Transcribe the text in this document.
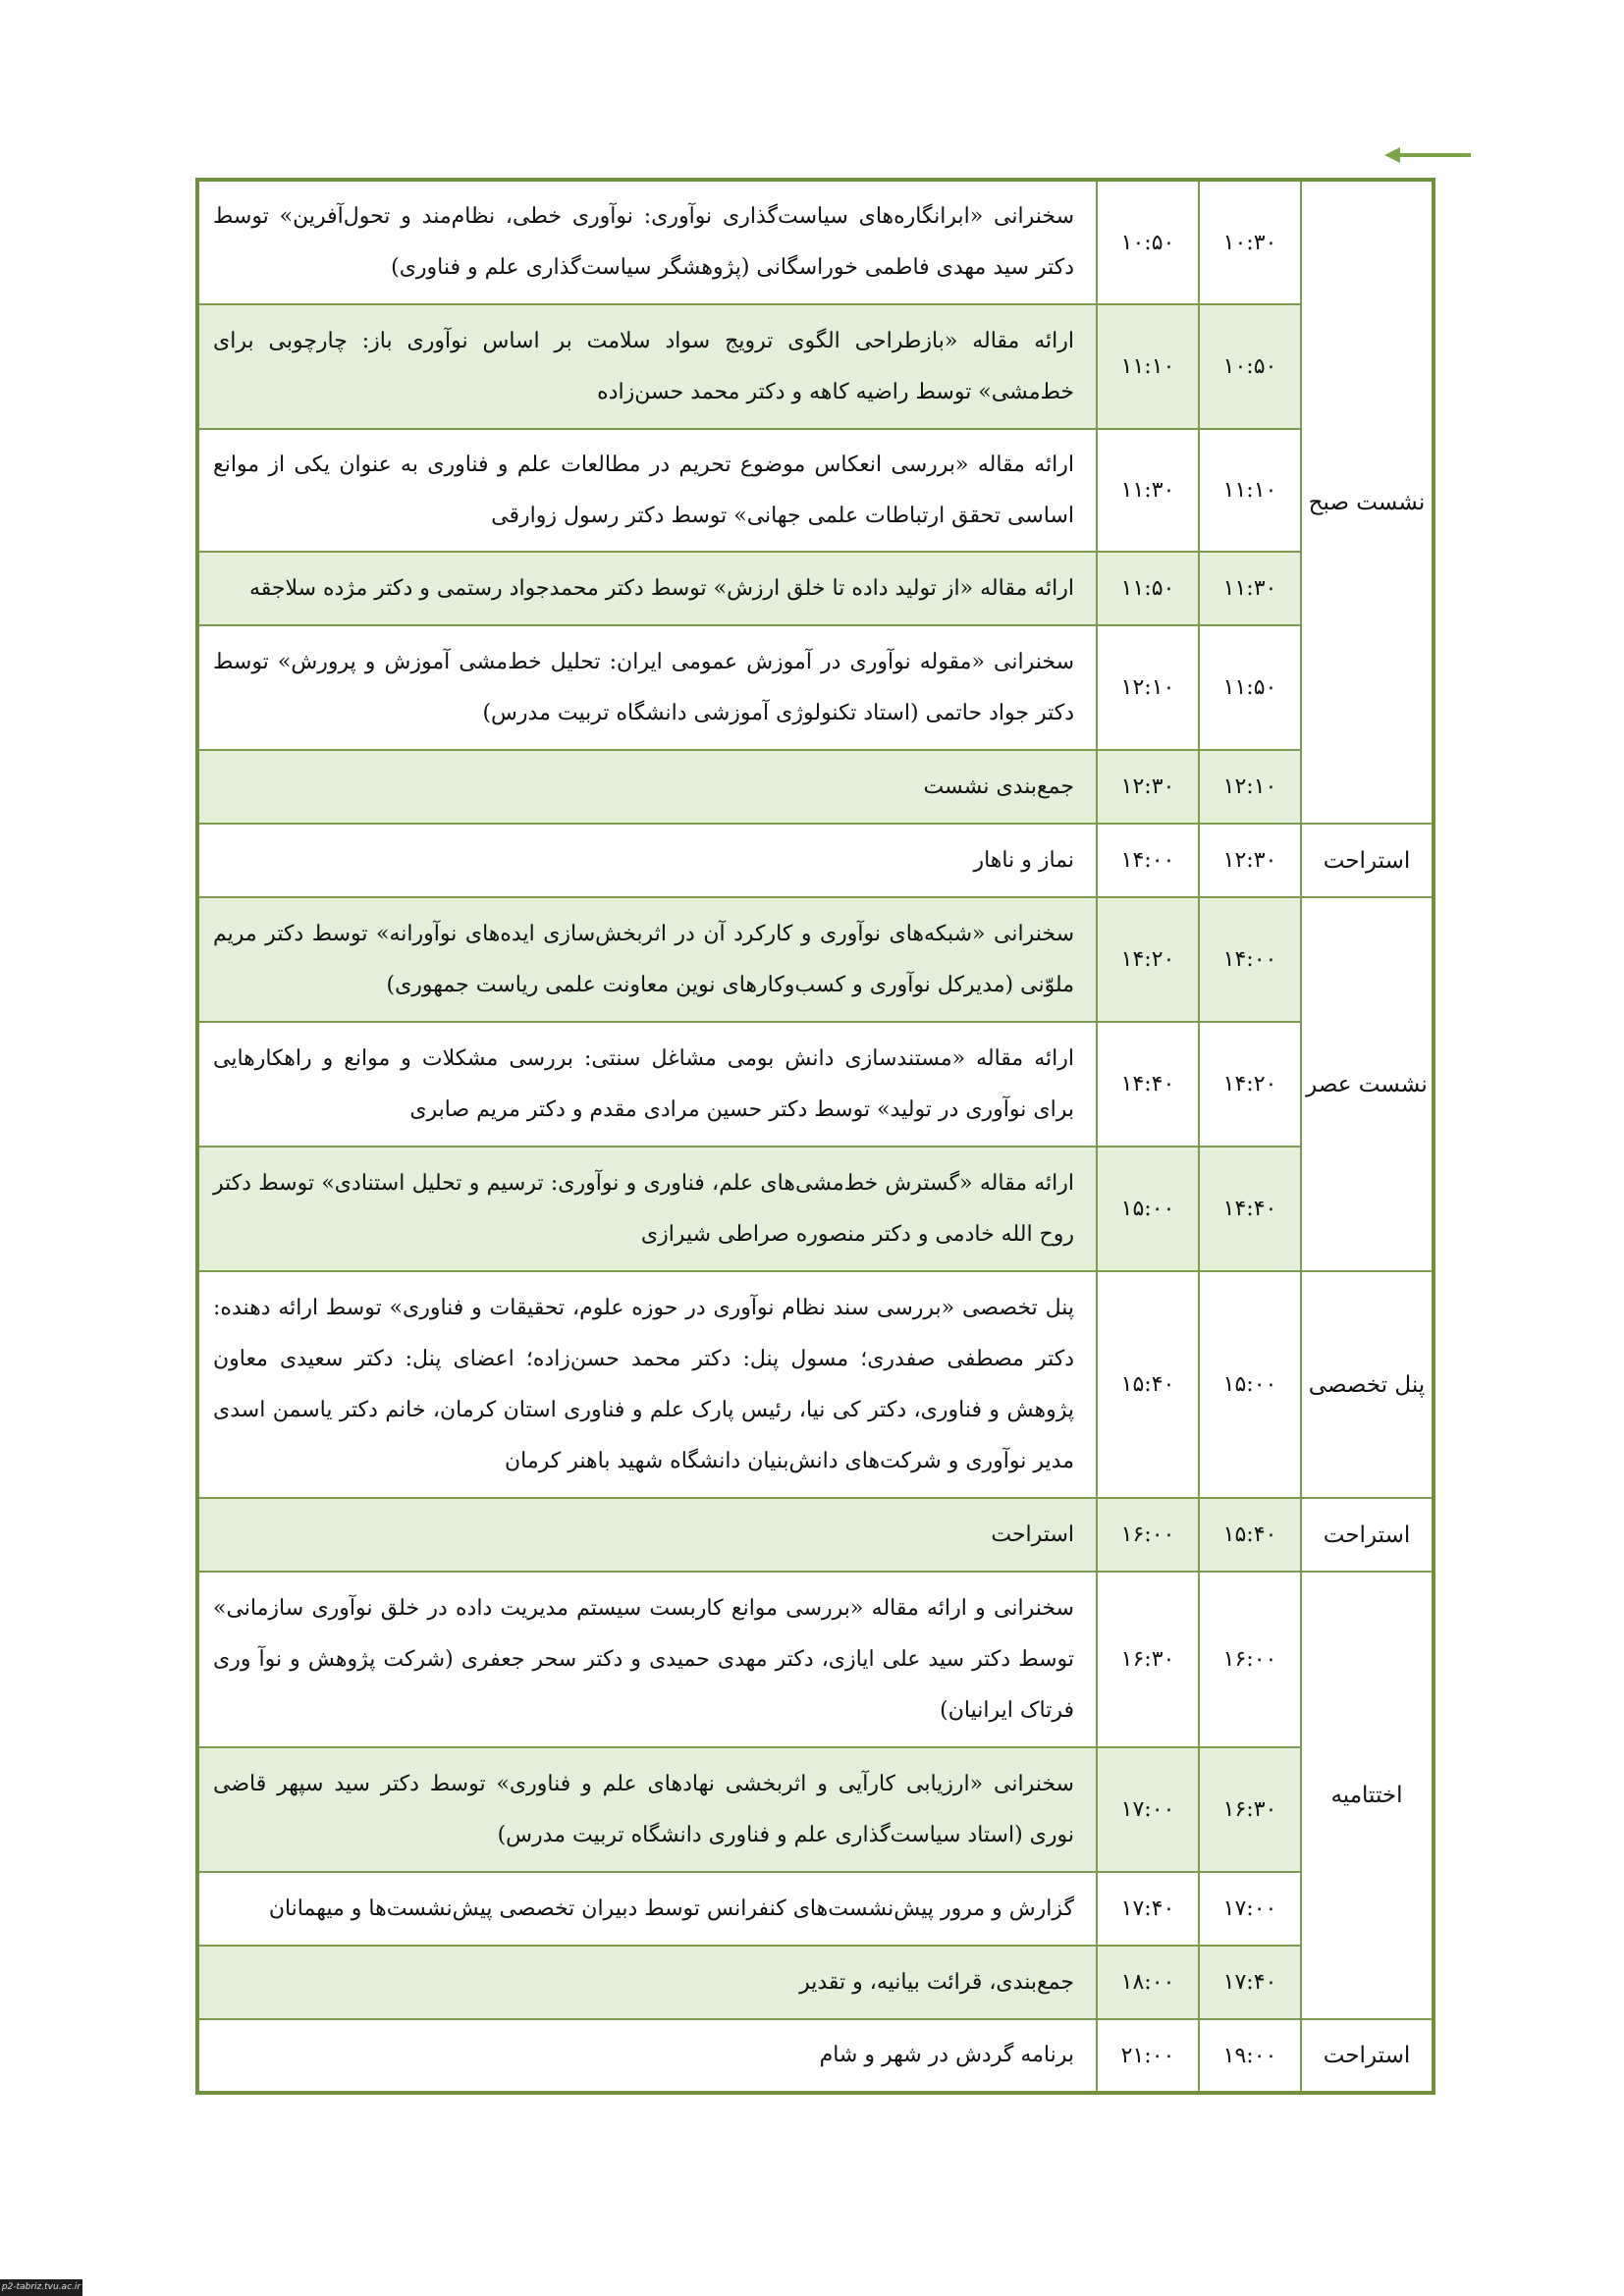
نشست صبح	۱۰:۳۰	۱۰:۵۰	سخنرانی «ابرانگاره‌های سیاست‌گذاری نوآوری: نوآوری خطی، نظام‌مند و تحول‌آفرین» توسط دکتر سید مهدی فاطمی خوراسگانی (پژوهشگر سیاست‌گذاری علم و فناوری)
	۱۰:۵۰	۱۱:۱۰	ارائه مقاله «بازطراحی الگوی ترویج سواد سلامت بر اساس نوآوری باز: چارچوبی برای خط‌مشی» توسط راضیه کاهه و دکتر محمد حسن‌زاده
	۱۱:۱۰	۱۱:۳۰	ارائه مقاله «بررسی انعکاس موضوع تحریم در مطالعات علم و فناوری به عنوان یکی از موانع اساسی تحقق ارتباطات علمی جهانی» توسط دکتر رسول زوارقی
	۱۱:۳۰	۱۱:۵۰	ارائه مقاله «از تولید داده تا خلق ارزش» توسط دکتر محمدجواد رستمی و دکتر مژده سلاجقه
	۱۱:۵۰	۱۲:۱۰	سخنرانی «مقوله نوآوری در آموزش عمومی ایران: تحلیل خط‌مشی آموزش و پرورش» توسط دکتر جواد حاتمی (استاد تکنولوژی آموزشی دانشگاه تربیت مدرس)
	۱۲:۱۰	۱۲:۳۰	جمع‌بندی نشست
استراحت	۱۲:۳۰	۱۴:۰۰	نماز و ناهار
نشست عصر	۱۴:۰۰	۱۴:۲۰	سخنرانی «شبکه‌های نوآوری و کارکرد آن در اثربخش‌سازی ایده‌های نوآورانه» توسط دکتر مریم ملوّنی (مدیرکل نوآوری و کسب‌وکارهای نوین معاونت علمی ریاست جمهوری)
	۱۴:۲۰	۱۴:۴۰	ارائه مقاله «مستندسازی دانش بومی مشاغل سنتی: بررسی مشکلات و موانع و راهکارهایی برای نوآوری در تولید» توسط دکتر حسین مرادی مقدم و دکتر مریم صابری
	۱۴:۴۰	۱۵:۰۰	ارائه مقاله «گسترش خط‌مشی‌های علم، فناوری و نوآوری: ترسیم و تحلیل استنادی» توسط دکتر روح الله خادمی و دکتر منصوره صراطی شیرازی
پنل تخصصی	۱۵:۰۰	۱۵:۴۰	پنل تخصصی «بررسی سند نظام نوآوری در حوزه علوم، تحقیقات و فناوری» توسط ارائه دهنده: دکتر مصطفی صفدری؛ مسول پنل: دکتر محمد حسن‌زاده؛ اعضای پنل: دکتر سعیدی معاون پژوهش و فناوری، دکتر کی نیا، رئیس پارک علم و فناوری استان کرمان، خانم دکتر یاسمن اسدی مدیر نوآوری و شرکت‌های دانش‌بنیان دانشگاه شهید باهنر کرمان
استراحت	۱۵:۴۰	۱۶:۰۰	استراحت
اختتامیه	۱۶:۰۰	۱۶:۳۰	سخنرانی و ارائه مقاله «بررسی موانع کاربست سیستم مدیریت داده در خلق نوآوری سازمانی» توسط دکتر سید علی ایازی، دکتر مهدی حمیدی و دکتر سحر جعفری (شرکت پژوهش و نوآ وری فرتاک ایرانیان)
	۱۶:۳۰	۱۷:۰۰	سخنرانی «ارزیابی کارآیی و اثربخشی نهادهای علم و فناوری» توسط دکتر سید سپهر قاضی نوری (استاد سیاست‌گذاری علم و فناوری دانشگاه تربیت مدرس)
	۱۷:۰۰	۱۷:۴۰	گزارش و مرور پیش‌نشست‌های کنفرانس توسط دبیران تخصصی پیش‌نشست‌ها و میهمانان
	۱۷:۴۰	۱۸:۰۰	جمع‌بندی، قرائت بیانیه، و تقدیر
استراحت	۱۹:۰۰	۲۱:۰۰	برنامه گردش در شهر و شام
p2-tabriz.tvu.ac.ir
